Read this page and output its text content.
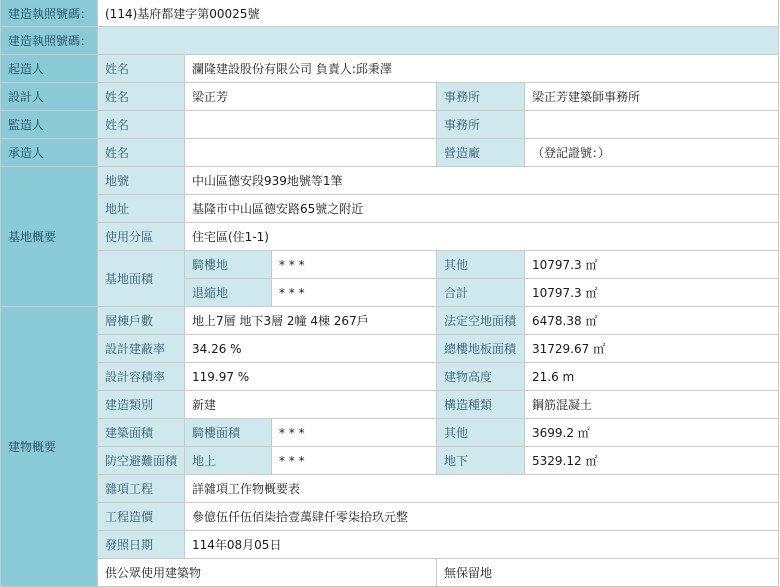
建造執照號碼：	(114)基府都建字第00025號				
建造執照號碼：					
起造人	姓名	瀾隆建設股份有限公司 負責人:邱秉澤			
設計人	姓名	梁正芳		事務所	梁正芳建築師事務所
監造人	姓名			事務所	
承造人	姓名			營造廠	（登記證號：）
基地概要	地號	中山區德安段939地號等1筆			
	地址	基隆市中山區德安路65號之附近			
	使用分區	住宅區(住1-1)			
	基地面積	騎樓地	* * *	其他	10797.3 ㎡
		退縮地	* * *	合計	10797.3 ㎡
建物概要	層棟戶數	地上7層 地下3層 2幢 4棟 267戶		法定空地面積	6478.38 ㎡
	設計建蔽率	34.26 %		總樓地板面積	31729.67 ㎡
	設計容積率	119.97 %		建物高度	21.6 m
	建造類別	新建		構造種類	鋼筋混凝土
	建築面積	騎樓面積	* * *	其他	3699.2 ㎡
	防空避難面積	地上	* * *	地下	5329.12 ㎡
	雜項工程	詳雜項工作物概要表			
	工程造價	參億伍仟伍佰柒拾壹萬肆仟零柒拾玖元整			
	發照日期	114年08月05日			
	供公眾使用建築物			無保留地	
